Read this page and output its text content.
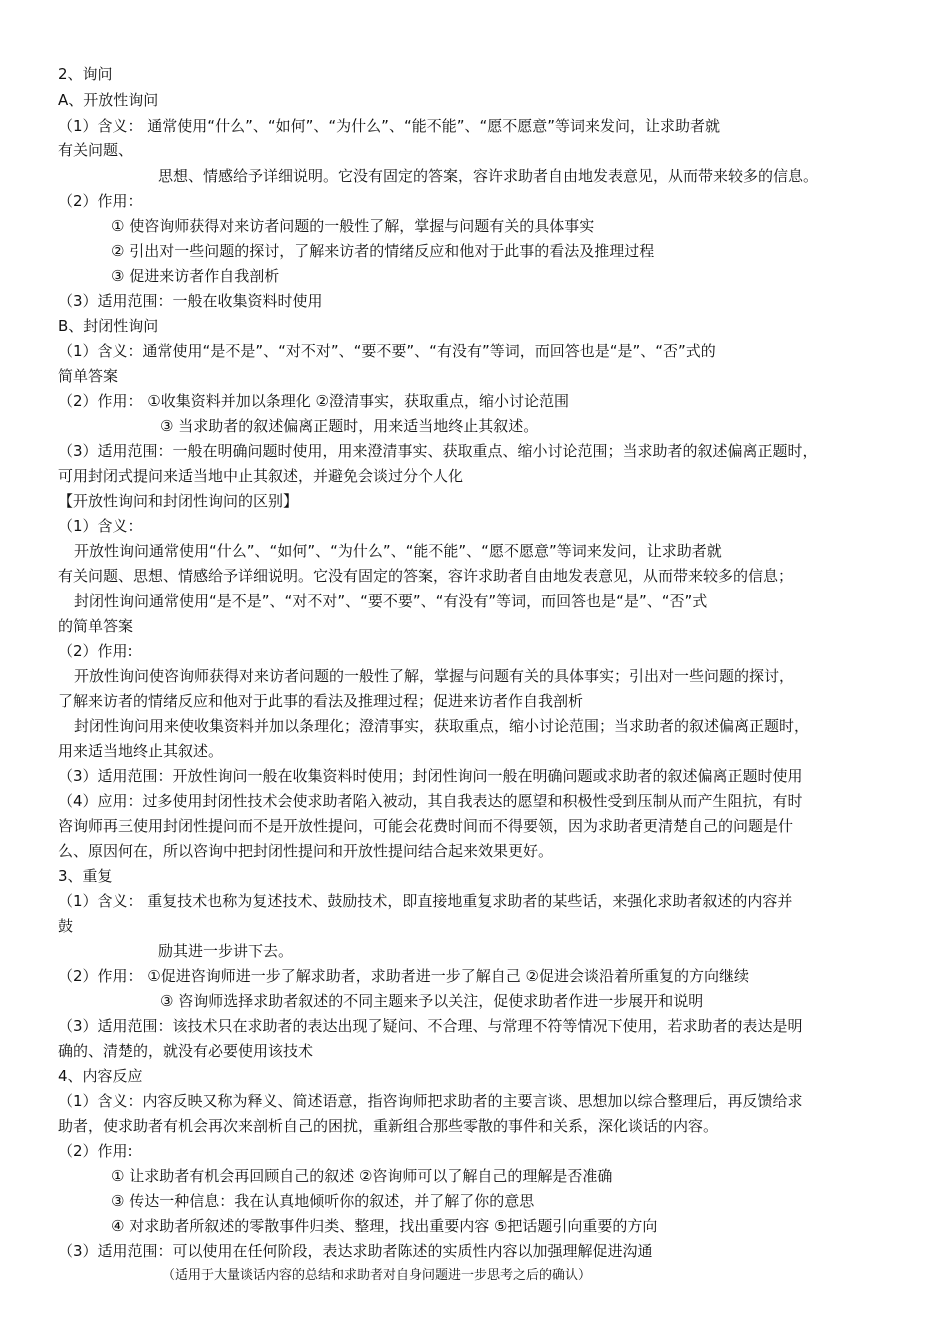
2、询问
A、开放性询问
（1）含义： 通常使用“什么”、“如何”、“为什么”、“能不能”、“愿不愿意”等词来发问，让求助者就
有关问题、
思想、情感给予详细说明。它没有固定的答案，容许求助者自由地发表意见，从而带来较多的信息。
（2）作用：
① 使咨询师获得对来访者问题的一般性了解，掌握与问题有关的具体事实
② 引出对一些问题的探讨，了解来访者的情绪反应和他对于此事的看法及推理过程
③ 促进来访者作自我剖析
（3）适用范围：一般在收集资料时使用
B、封闭性询问
（1）含义：通常使用“是不是”、“对不对”、“要不要”、“有没有”等词，而回答也是“是”、“否”式的
简单答案
（2）作用： ①收集资料并加以条理化 ②澄清事实，获取重点，缩小讨论范围
③ 当求助者的叙述偏离正题时，用来适当地终止其叙述。
（3）适用范围：一般在明确问题时使用，用来澄清事实、获取重点、缩小讨论范围；当求助者的叙述偏离正题时，
可用封闭式提问来适当地中止其叙述，并避免会谈过分个人化
【开放性询问和封闭性询问的区别】
（1）含义：
开放性询问通常使用“什么”、“如何”、“为什么”、“能不能”、“愿不愿意”等词来发问，让求助者就
有关问题、思想、情感给予详细说明。它没有固定的答案，容许求助者自由地发表意见，从而带来较多的信息；
封闭性询问通常使用“是不是”、“对不对”、“要不要”、“有没有”等词，而回答也是“是”、“否”式
的简单答案
（2）作用:
开放性询问使咨询师获得对来访者问题的一般性了解，掌握与问题有关的具体事实；引出对一些问题的探讨，
了解来访者的情绪反应和他对于此事的看法及推理过程；促进来访者作自我剖析
封闭性询问用来使收集资料并加以条理化；澄清事实，获取重点，缩小讨论范围；当求助者的叙述偏离正题时，
用来适当地终止其叙述。
（3）适用范围：开放性询问一般在收集资料时使用；封闭性询问一般在明确问题或求助者的叙述偏离正题时使用
（4）应用：过多使用封闭性技术会使求助者陷入被动，其自我表达的愿望和积极性受到压制从而产生阻抗，有时
咨询师再三使用封闭性提问而不是开放性提问，可能会花费时间而不得要领，因为求助者更清楚自己的问题是什
么、原因何在，所以咨询中把封闭性提问和开放性提问结合起来效果更好。
3、重复
（1）含义： 重复技术也称为复述技术、鼓励技术，即直接地重复求助者的某些话，来强化求助者叙述的内容并
鼓
励其进一步讲下去。
（2）作用： ①促进咨询师进一步了解求助者，求助者进一步了解自己 ②促进会谈沿着所重复的方向继续
③ 咨询师选择求助者叙述的不同主题来予以关注，促使求助者作进一步展开和说明
（3）适用范围：该技术只在求助者的表达出现了疑问、不合理、与常理不符等情况下使用，若求助者的表达是明
确的、清楚的，就没有必要使用该技术
4、内容反应
（1）含义：内容反映又称为释义、简述语意，指咨询师把求助者的主要言谈、思想加以综合整理后，再反馈给求
助者，使求助者有机会再次来剖析自己的困扰，重新组合那些零散的事件和关系，深化谈话的内容。
（2）作用:
① 让求助者有机会再回顾自己的叙述 ②咨询师可以了解自己的理解是否准确
③ 传达一种信息：我在认真地倾听你的叙述，并了解了你的意思
④ 对求助者所叙述的零散事件归类、整理，找出重要内容 ⑤把话题引向重要的方向
（3）适用范围：可以使用在任何阶段，表达求助者陈述的实质性内容以加强理解促进沟通
（适用于大量谈话内容的总结和求助者对自身问题进一步思考之后的确认）
